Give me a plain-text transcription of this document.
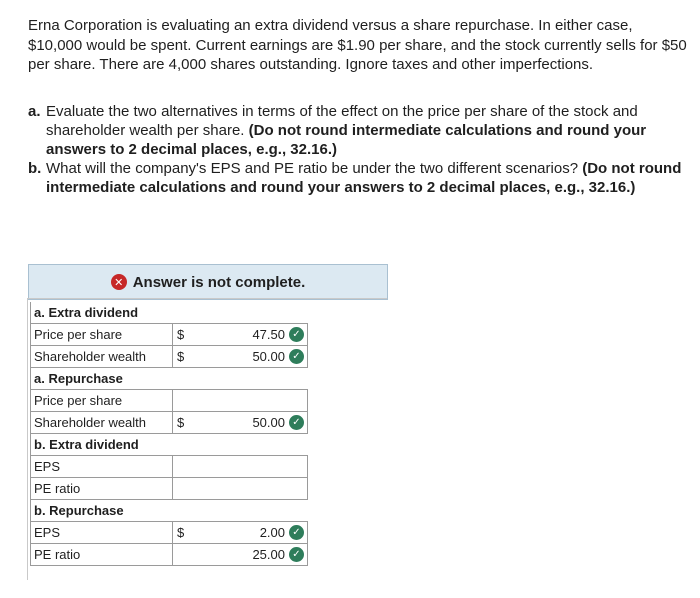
Erna Corporation is evaluating an extra dividend versus a share repurchase. In either case, $10,000 would be spent. Current earnings are $1.90 per share, and the stock currently sells for $50 per share. There are 4,000 shares outstanding. Ignore taxes and other imperfections.
a. Evaluate the two alternatives in terms of the effect on the price per share of the stock and shareholder wealth per share. (Do not round intermediate calculations and round your answers to 2 decimal places, e.g., 32.16.)
b. What will the company's EPS and PE ratio be under the two different scenarios? (Do not round intermediate calculations and round your answers to 2 decimal places, e.g., 32.16.)
✕ Answer is not complete.
a. Extra dividend	
Price per share	$ 47.50 ✓

Shareholder wealth	$ 50.00 ✓

a. Repurchase	
Price per share	

Shareholder wealth	$ 50.00 ✓

b. Extra dividend	
EPS	

PE ratio	

b. Repurchase	
EPS	$ 2.00 ✓

PE ratio	25.00 ✓
